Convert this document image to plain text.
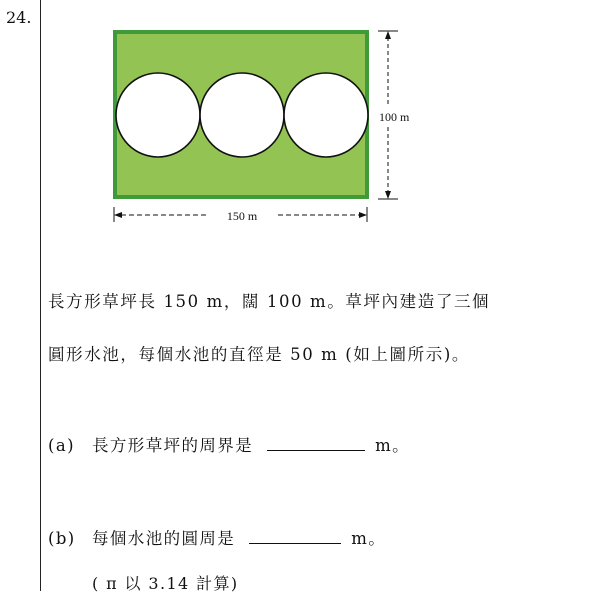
24.
100 m
150 m
長方形草坪長 150 m，闊 100 m。草坪內建造了三個
圓形水池，每個水池的直徑是 50 m (如上圖所示)。
(a) 長方形草坪的周界是	m。
(b) 每個水池的圓周是	m。
( π 以 3.14 計算)
